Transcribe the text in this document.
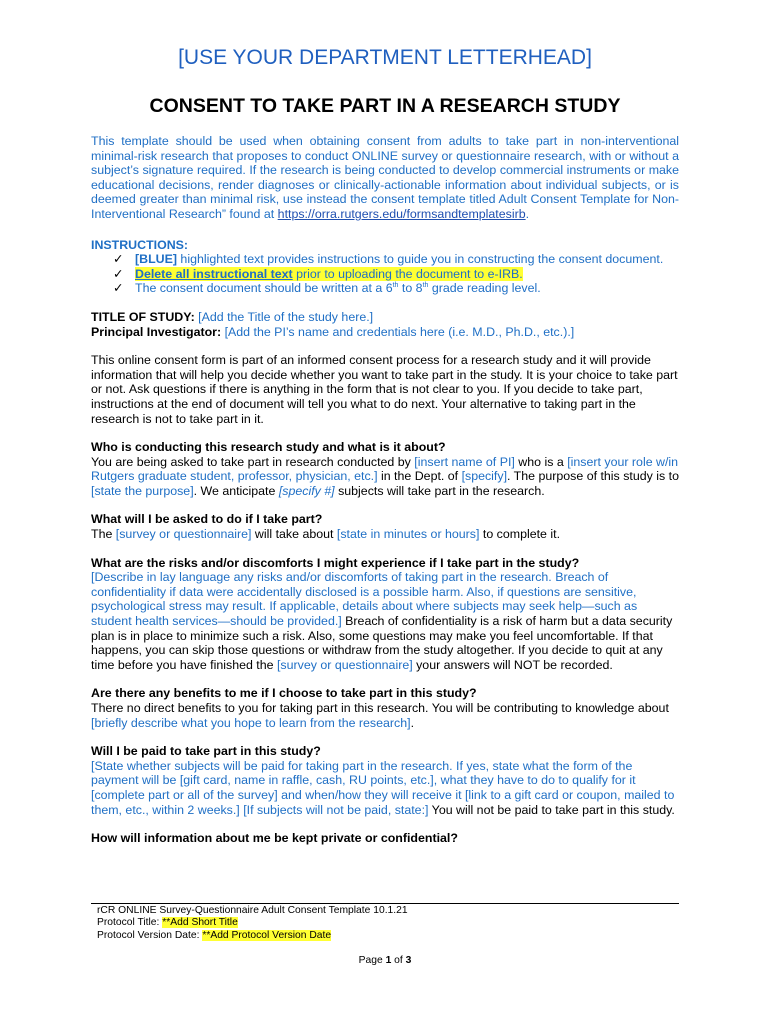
[USE YOUR DEPARTMENT LETTERHEAD]
CONSENT TO TAKE PART IN A RESEARCH STUDY

This template should be used when obtaining consent from adults to take part in non-interventional minimal-risk research that proposes to conduct ONLINE survey or questionnaire research, with or without a subject’s signature required. If the research is being conducted to develop commercial instruments or make educational decisions, render diagnoses or clinically-actionable information about individual subjects, or is deemed greater than minimal risk, use instead the consent template titled Adult Consent Template for Non-Interventional Research” found at https://orra.rutgers.edu/formsandtemplatesirb.

INSTRUCTIONS:

✓ [BLUE] highlighted text provides instructions to guide you in constructing the consent document.
✓ Delete all instructional text prior to uploading the document to e-IRB.
✓ The consent document should be written at a 6th to 8th grade reading level.

TITLE OF STUDY: [Add the Title of the study here.]

Principal Investigator: [Add the PI’s name and credentials here (i.e. M.D., Ph.D., etc.).]

This online consent form is part of an informed consent process for a research study and it will provide information that will help you decide whether you want to take part in the study. It is your choice to take part or not. Ask questions if there is anything in the form that is not clear to you. If you decide to take part, instructions at the end of document will tell you what to do next. Your alternative to taking part in the research is not to take part in it.

Who is conducting this research study and what is it about?

You are being asked to take part in research conducted by [insert name of PI] who is a [insert your role w/in Rutgers graduate student, professor, physician, etc.] in the Dept. of [specify]. The purpose of this study is to [state the purpose]. We anticipate [specify #] subjects will take part in the research.

What will I be asked to do if I take part?

The [survey or questionnaire] will take about [state in minutes or hours] to complete it.

What are the risks and/or discomforts I might experience if I take part in the study?

[Describe in lay language any risks and/or discomforts of taking part in the research. Breach of confidentiality if data were accidentally disclosed is a possible harm. Also, if questions are sensitive, psychological stress may result. If applicable, details about where subjects may seek help—such as student health services—should be provided.] Breach of confidentiality is a risk of harm but a data security plan is in place to minimize such a risk. Also, some questions may make you feel uncomfortable. If that happens, you can skip those questions or withdraw from the study altogether. If you decide to quit at any time before you have finished the [survey or questionnaire] your answers will NOT be recorded.

Are there any benefits to me if I choose to take part in this study?

There no direct benefits to you for taking part in this research. You will be contributing to knowledge about [briefly describe what you hope to learn from the research].

Will I be paid to take part in this study?

[State whether subjects will be paid for taking part in the research. If yes, state what the form of the payment will be [gift card, name in raffle, cash, RU points, etc.], what they have to do to qualify for it [complete part or all of the survey] and when/how they will receive it [link to a gift card or coupon, mailed to them, etc., within 2 weeks.] [If subjects will not be paid, state:] You will not be paid to take part in this study.

How will information about me be kept private or confidential?

rCR ONLINE Survey-Questionnaire Adult Consent Template 10.1.21
Protocol Title: **Add Short Title
Protocol Version Date: **Add Protocol Version Date
Page 1 of 3
